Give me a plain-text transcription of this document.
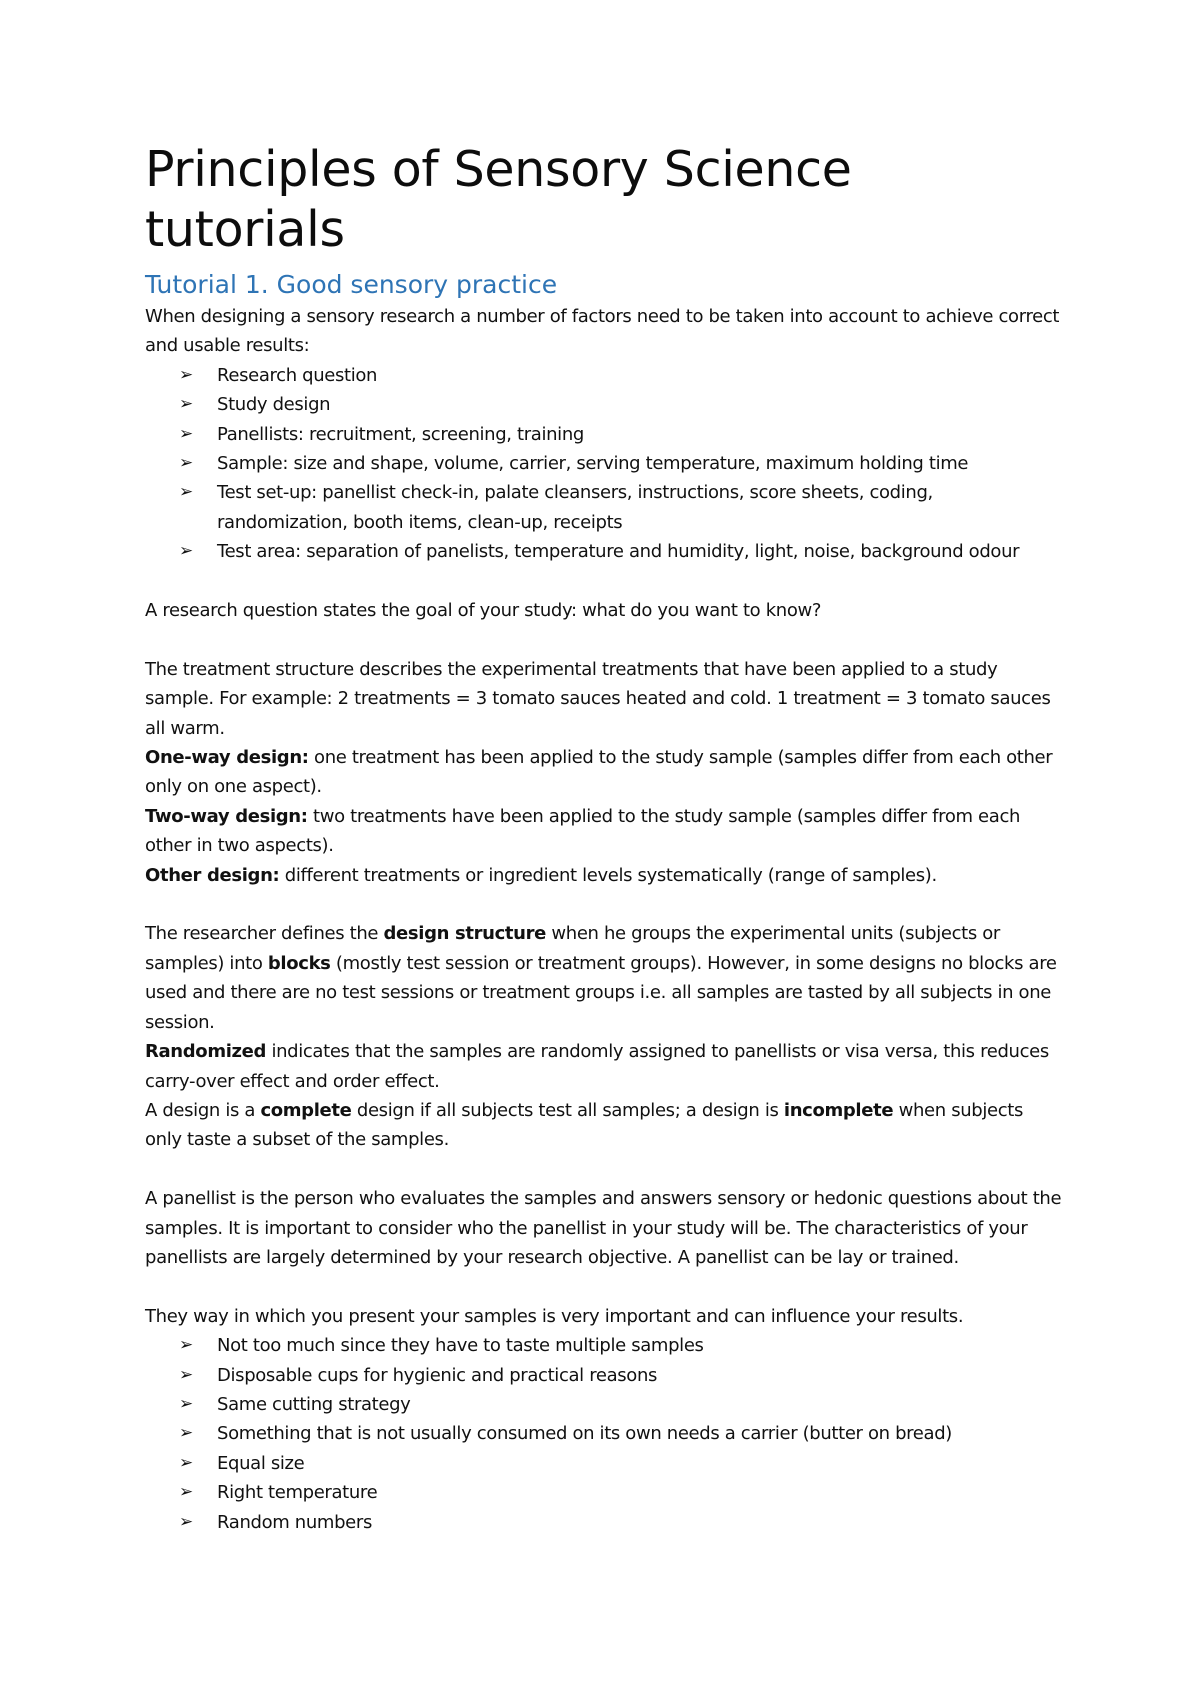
Principles of Sensory Science tutorials
Tutorial 1. Good sensory practice

When designing a sensory research a number of factors need to be taken into account to achieve correct and usable results:

➢ Research question
➢ Study design
➢ Panellists: recruitment, screening, training
➢ Sample: size and shape, volume, carrier, serving temperature, maximum holding time
➢ Test set-up: panellist check-in, palate cleansers, instructions, score sheets, coding, randomization, booth items, clean-up, receipts
➢ Test area: separation of panelists, temperature and humidity, light, noise, background odour

A research question states the goal of your study: what do you want to know?

The treatment structure describes the experimental treatments that have been applied to a study sample. For example: 2 treatments = 3 tomato sauces heated and cold. 1 treatment = 3 tomato sauces all warm.

One-way design: one treatment has been applied to the study sample (samples differ from each other only on one aspect).

Two-way design: two treatments have been applied to the study sample (samples differ from each other in two aspects).

Other design: different treatments or ingredient levels systematically (range of samples).

The researcher defines the design structure when he groups the experimental units (subjects or samples) into blocks (mostly test session or treatment groups). However, in some designs no blocks are used and there are no test sessions or treatment groups i.e. all samples are tasted by all subjects in one session.

Randomized indicates that the samples are randomly assigned to panellists or visa versa, this reduces carry-over effect and order effect.

A design is a complete design if all subjects test all samples; a design is incomplete when subjects only taste a subset of the samples.

A panellist is the person who evaluates the samples and answers sensory or hedonic questions about the samples. It is important to consider who the panellist in your study will be. The characteristics of your panellists are largely determined by your research objective. A panellist can be lay or trained.

They way in which you present your samples is very important and can influence your results.

➢ Not too much since they have to taste multiple samples
➢ Disposable cups for hygienic and practical reasons
➢ Same cutting strategy
➢ Something that is not usually consumed on its own needs a carrier (butter on bread)
➢ Equal size
➢ Right temperature
➢ Random numbers
